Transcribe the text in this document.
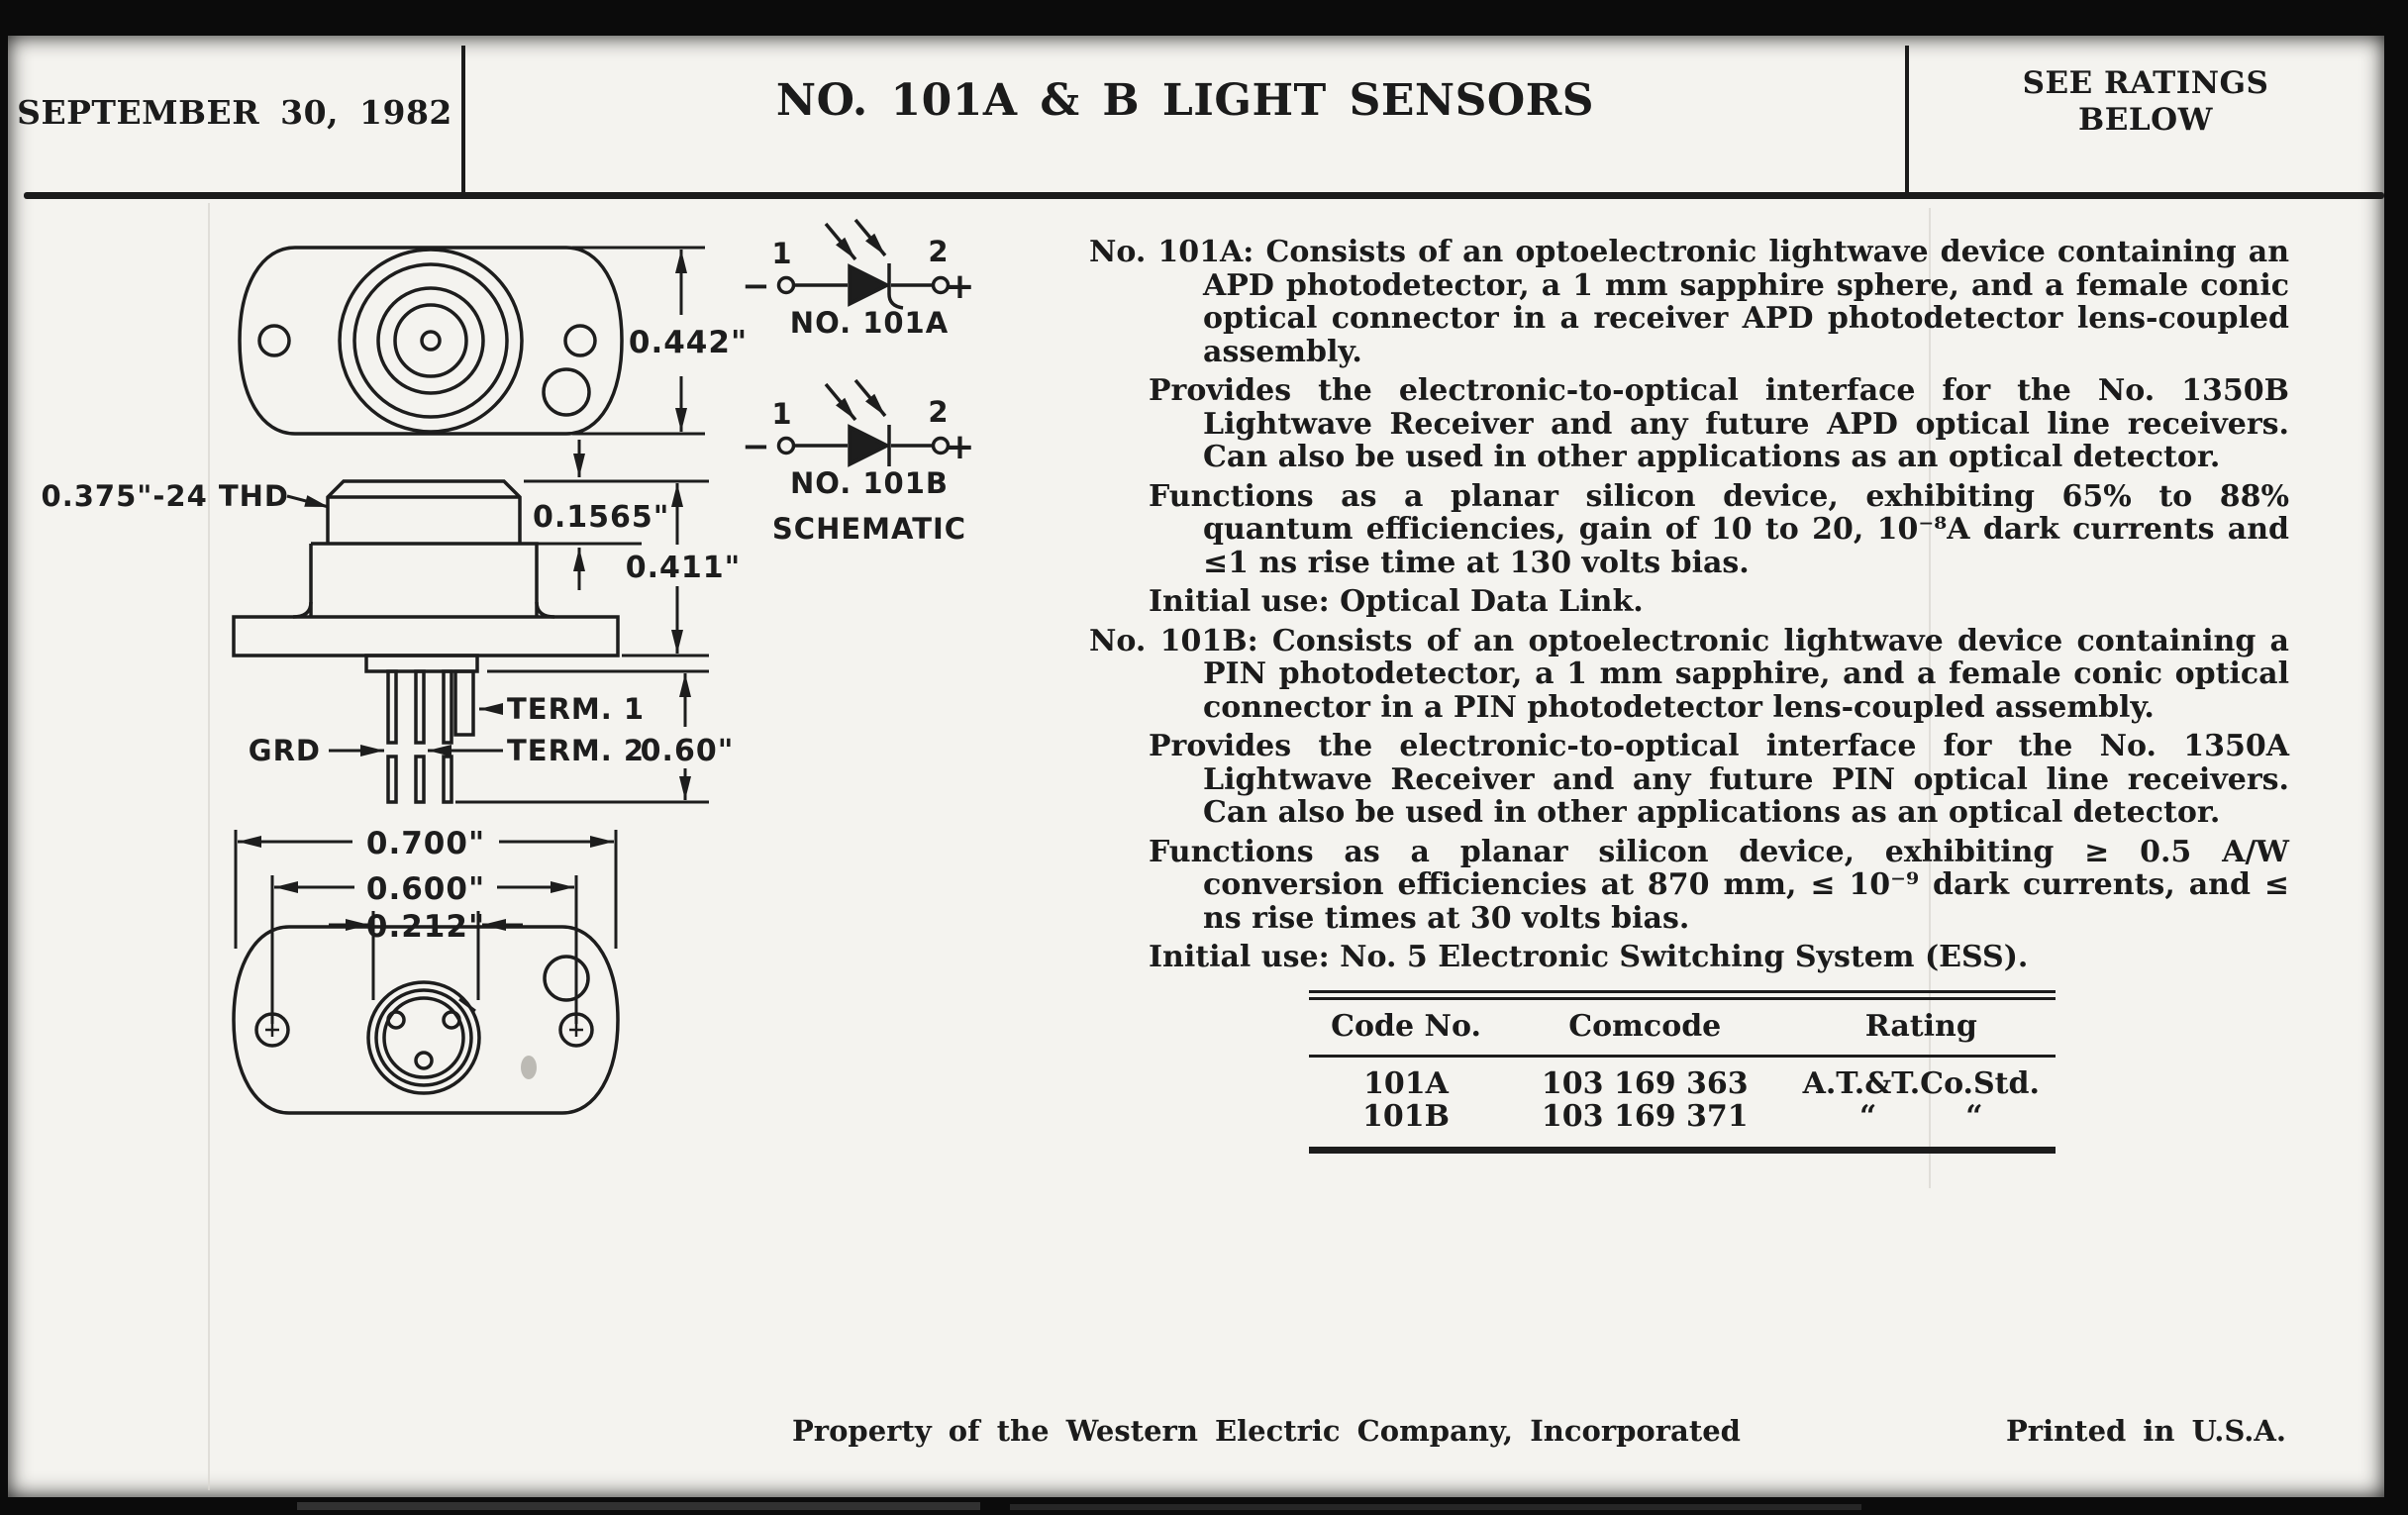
SEPTEMBER 30, 1982	NO. 101A & B LIGHT SENSORS	SEE RATINGS
BELOW
0.442"
−	+
1	2
NO. 101A
−	+
1	2
NO. 101B
SCHEMATIC
0.1565"
0.411"
0.60"
0.375"-24 THD
TERM. 1
GRD	TERM. 2
0.700"
0.600"
0.212"

No. 101A: Consists of an optoelectronic lightwave device containing an APD photodetector, a 1 mm sapphire sphere, and a female conic optical connector in a receiver APD photodetector lens-coupled assembly.

Provides the electronic-to-optical interface for the No. 1350B Lightwave Receiver and any future APD optical line receivers. Can also be used in other applications as an optical detector.

Functions as a planar silicon device, exhibiting 65% to 88% quantum efficiencies, gain of 10 to 20, 10⁻⁸A dark currents and ≤1 ns rise time at 130 volts bias.

Initial use: Optical Data Link.

No. 101B: Consists of an optoelectronic lightwave device containing a PIN photodetector, a 1 mm sapphire, and a female conic optical connector in a PIN photodetector lens-coupled assembly.

Provides the electronic-to-optical interface for the No. 1350A Lightwave Receiver and any future PIN optical line receivers. Can also be used in other applications as an optical detector.

Functions as a planar silicon device, exhibiting ≥ 0.5 A/W conversion efficiencies at 870 mm, ≤ 10⁻⁹ dark currents, and ≤ ns rise times at 30 volts bias.

Initial use: No. 5 Electronic Switching System (ESS).

Code No.	Comcode	Rating
101A	103 169 363	A.T.&T.Co.Std.
101B	103 169 371	“   “
Property of the Western Electric Company, Incorporated	Printed in U.S.A.
